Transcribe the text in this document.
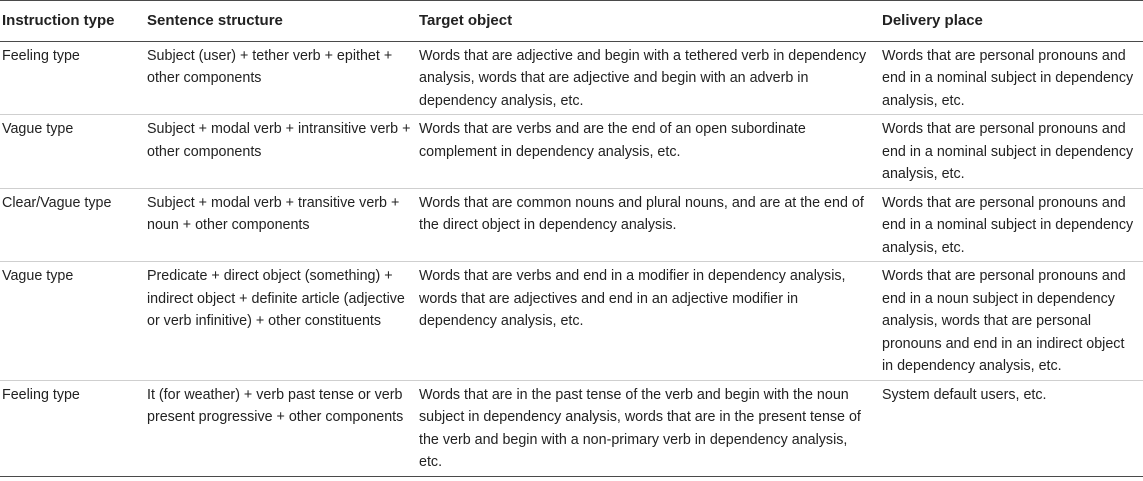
Instruction type	Sentence structure	Target object	Delivery place
Feeling type	Subject (user) + tether verb + epithet + other components	Words that are adjective and begin with a tethered verb in dependency analysis, words that are adjective and begin with an adverb in dependency analysis, etc.	Words that are personal pronouns and end in a nominal subject in dependency analysis, etc.
Vague type	Subject + modal verb + intransitive verb + other components	Words that are verbs and are the end of an open subordinate complement in dependency analysis, etc.	Words that are personal pronouns and end in a nominal subject in dependency analysis, etc.
Clear/Vague type	Subject + modal verb + transitive verb + noun + other components	Words that are common nouns and plural nouns, and are at the end of the direct object in dependency analysis.	Words that are personal pronouns and end in a nominal subject in dependency analysis, etc.
Vague type	Predicate + direct object (something) + indirect object + definite article (adjective or verb infinitive) + other constituents	Words that are verbs and end in a modifier in dependency analysis, words that are adjectives and end in an adjective modifier in dependency analysis, etc.	Words that are personal pronouns and end in a noun subject in dependency analysis, words that are personal pronouns and end in an indirect object in dependency analysis, etc.
Feeling type	It (for weather) + verb past tense or verb present progressive + other components	Words that are in the past tense of the verb and begin with the noun subject in dependency analysis, words that are in the present tense of the verb and begin with a non-primary verb in dependency analysis, etc.	System default users, etc.
